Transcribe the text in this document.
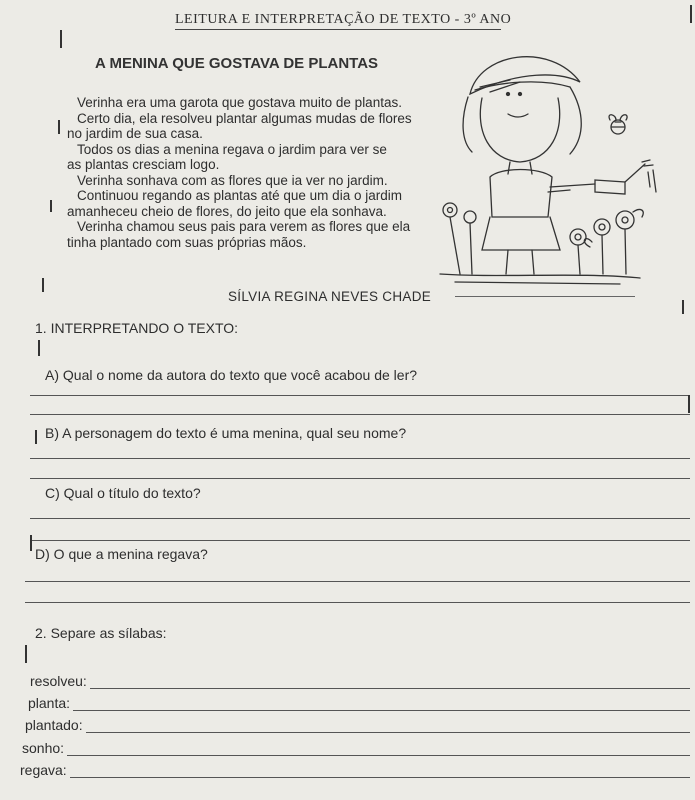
LEITURA E INTERPRETAÇÃO DE TEXTO - 3º ANO
A MENINA QUE GOSTAVA DE PLANTAS
Verinha era uma garota que gostava muito de plantas.
Certo dia, ela resolveu plantar algumas mudas de flores
no jardim de sua casa.
Todos os dias a menina regava o jardim para ver se
as plantas cresciam logo.
Verinha sonhava com as flores que ia ver no jardim.
Continuou regando as plantas até que um dia o jardim
amanheceu cheio de flores, do jeito que ela sonhava.
Verinha chamou seus pais para verem as flores que ela
tinha plantado com suas próprias mãos.
SÍLVIA REGINA NEVES CHADE
1. INTERPRETANDO O TEXTO:
A) Qual o nome da autora do texto que você acabou de ler?
B) A personagem do texto é uma menina, qual seu nome?
C) Qual o título do texto?
D) O que a menina regava?
2. Separe as sílabas:
resolveu:
planta:
plantado:
sonho:
regava:
